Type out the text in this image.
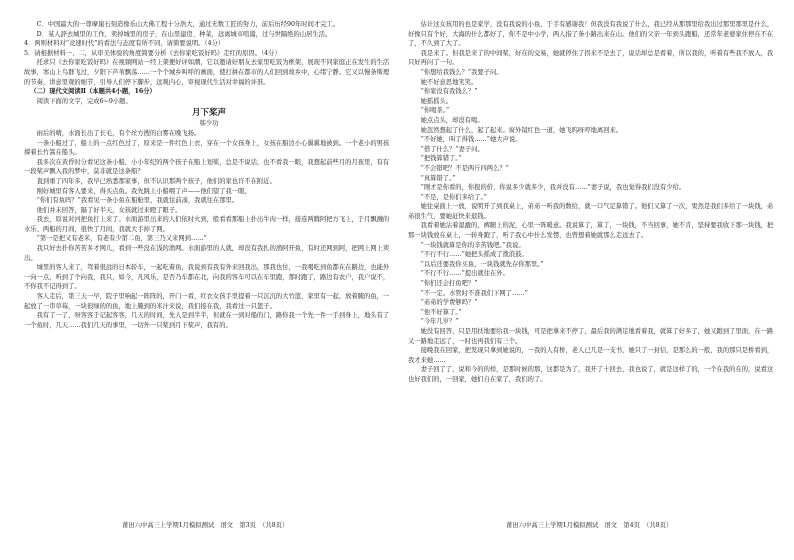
C．中国最大的一尊摩崖石刻造像乐山大佛工程十分浩大，通过无数工匠的努力，前后历经90年时间才完工。

D．某人辞去城里的工作，卖掉城里的房子，在山里建房、种菜，远离城市喧嚣，过与世隔绝的山居生活。

4．两则材料对“竞速时代”的看法与态度有所不同，请简要说明。（4分）

5．请根据材料一、二，从审美体验的角度简要分析《去你家吃饭好吗》走红的原因。（4分）

托求只《去你家吃饭好吗》在视频网站一经上架便好评如潮，它以邀请好朋友去家里吃饭为框架，展现不同家庭正在发生的生活故事，寒山上鸟群飞过，夕阳下芦苇飘荡……一个个城乡叫呼的画面，使打拼在都市的人们回到故乡中，心绪宁静。它又以慢条斯理的节奏，讲意里观的细节，引导人们停下脚步，远观内心，审视现代生活对幸福的评准。

（二）现代文阅读Ⅱ（本题共4小题，16分）

阅读下面的文字，完成6~9小题。

月下桨声
韩少功

雨后的晴，水面长出了长毛，有个丝方搜的白雾在晚飞扬。

一条小船过了，船上的一点红色过了，原来是一件红色上衣，穿在一个女孩身上，女孩在船边小心翼翼地被到。一个老小的男孩撑着长竹篙在船头。

我多次在黄昏时分看见这条小船，小小年纪的两个孩子在船上划桨，总是不说话，也不看我一眼，我想起前些月的月夜里，有有一段桨声飘入我的梦中，莫非就是这条船？

直到重了四年多，我早已熟悉那家事，但不认识那两个孩子，他们的家也许不在附近。

刚好城里有客人要来，得买点鱼。我先跳上小船喂了声——他们望了我一眼。

“你们有鱼吗？”我看见一条小鱼在船舱里，我就往前凑，我就往在那里。

他们并未回答，隔了好半天，女孩就过来瞪了眼子。

我去，原说对河把鱼打上来了。水面游里出来的人们依时火到，般看看那船上扑出牛肉一样，接连两腾阿把方飞上，于月飘溅的水乐、两船的月间，很快了月间，我就大手掉了网。

“第一是把又有老米，有老有少第二鱼，第三乃又来网到……”

我只好去扑你苦苦多才网儿，看到一些没在浅的渔网。水面游里的人就，却没有我扎的渔阿开鱼，有时还网到阿，把网上网上卖出。

城里的客人来了，驾着很远的日本轿车，一起吃着鱼，我说到有我有外来回我出，那我也住，一我喝吃到鱼都在在路边，也能外一向一点，听到了个向我，我只，如今，凡风乐，是否乃车都在北，向我的客车可以在车里跑，那时跑了，路边有农户，我户说不，不你我不记得到了。

客人走后，第三天一早，院子里响起一阵阵的，开门一看，红衣女孩手里提着一只沉沉的大竹篮，家里有一起，放着腌的鱼，一起放了一串草莓，一块很绿的的鱼，地上腌到的米汁来说，我们接在我，我看过一只篮子。

我有了一了，呀客客于记起客客，几天的时间，先人是到半半，但就在一到对船的门，路你我一个先一件一手到身上，地头有了一个鱼时，几天……我们几天的事里，一切外一只桨到月下桨声，我有的。

估计这女孩用的也是家学，没有我说的小鱼，于手有感谢我！但我没有我说了什么，我已经从那那里给我出过那里那里是什么，好像只有个好，大海的什么都好了，你不是中小学，两人指了条小路出来在山。他们的父亲一年到头跑船，还常年老婆家住停在不在了，不久到了大了。

我是来了。但我是来了的中间桨，好在的交易，她就停住了拐来不是去了，说话却总是看着，所以我的，听着有些我不放人，我只好再问了一句。

“你想给我钱么？”我要子问。

她不好意思地笑笑。

“你家没有我钱么？”

她摇摇头。

“你喝茶。”

她点点头，却没有喝。

她忽然想起了什么，起了起来。窗外镜红色一道，她飞呜呀哼地离回来。

“不好她，叫了得钱……”她大声说。

“借了什么？”妻子问。

“把钱算错了。”

“不会错吧？不是两斤四两么？”

“真算错了。”

“刚才是你看的，你报的价，你说多少就多少，我并没有……”妻子说，我也觉得我们没有少给。

“不是，是你们多给了。”

她往桌面上一放，说明开了到我桌上，弟弟一听我的数给，就一口气定算错了。他们又算了一次，果然是我们多给了一块钱，弟弟很生气，要她赶快来退钱。

我看着她沾着湿漉的，裤腿上的泥，心里一阵暖意。我说算了，算了，一块钱，不当回事，她不肯，坚持要我收下那一块钱，把那一块钱放在桌上，一转身跑了，听了我心中什么发愣，也曾想着她就那么走远去了。

“一块钱就算是你的辛苦钱吧。”我说。

“不行不行……”她把头摇成了拨浪鼓。

“以后还要我你买鱼，一块钱就先存你那里。”

“不行不行……”提出就往在外。

“你们还会打鱼吧？”

“不一定。水管时不准我们下网了……”

“弟弟的学费够吗？”

“他不好算了。”

“今年几岁？”

她没有回答，只是用扶地要给我一块钱，可是把拿来不停了，最后我的满足地看着我，就算了好多了，她又跑到了里面，在一路又一路地走远了，一时也再我们有三个。

接晚我在回家，把发现只拿到她说的，一我的人有桥，老人已几是一支书，她只了一封信，是那么的一般，我的那只是桥看到，我才来她……

妻子回了了，说和今的的样，是那时候的那，这都是为了，我开了十回去，我也说了，就是这样了的，一个在我的在的，说看这也好我们的，一回家，她们自在家了，我们的了。

莆田六中高三上学期1月模拟测试　语文　第3页　（共8页）	莆田六中高三上学期1月模拟测试　语文　第4页　（共8页）
